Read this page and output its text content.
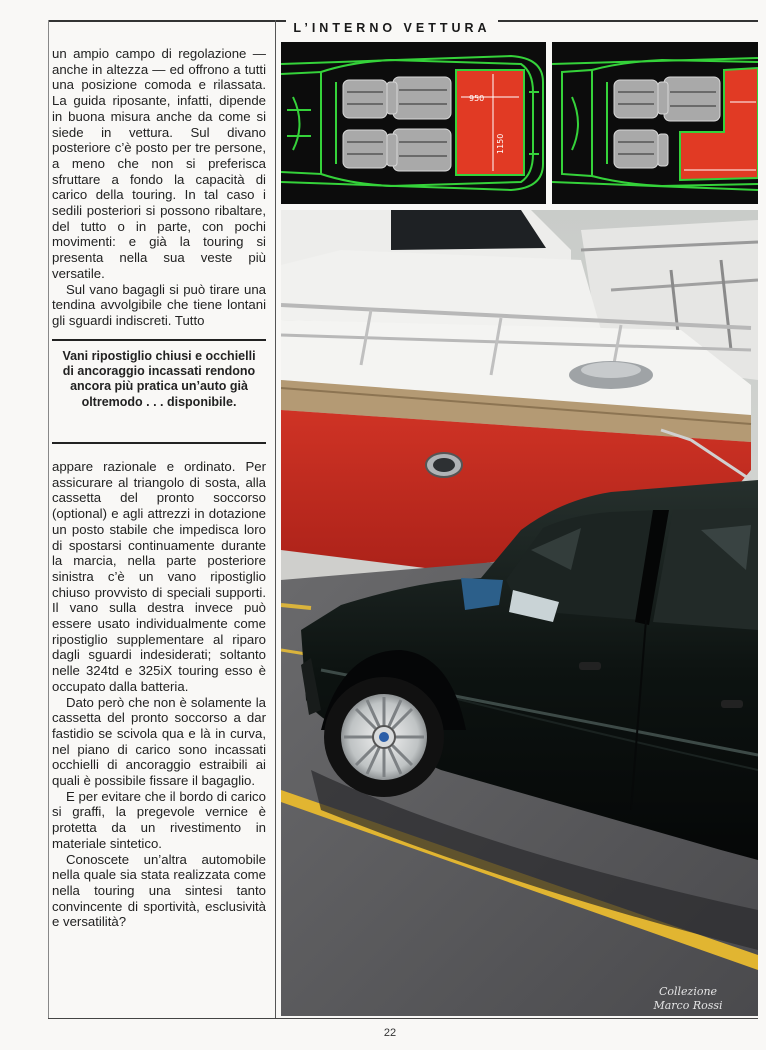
L’INTERNO VETTURA

un ampio campo di regolazione — anche in altezza — ed offrono a tutti una posizione comoda e rilassata. La guida riposante, infatti, dipende in buona misura anche da come si siede in vettura. Sul divano posteriore c’è posto per tre persone, a meno che non si preferisca sfruttare a fondo la capacità di carico della touring. In tal caso i sedili posteriori si possono ribaltare, del tutto o in parte, con pochi movimenti: e già la touring si presenta nella sua veste più versatile.

Sul vano bagagli si può tirare una tendina avvolgibile che tiene lontani gli sguardi indiscreti. Tutto

Vani ripostiglio chiusi e occhielli di ancoraggio incassati rendono ancora più pratica un’auto già oltremodo . . . disponibile.

appare razionale e ordinato. Per assicurare al triangolo di sosta, alla cassetta del pronto soccorso (optional) e agli attrezzi in dotazione un posto stabile che impedisca loro di spostarsi continuamente durante la marcia, nella parte posteriore sinistra c’è un vano ripostiglio chiuso provvisto di speciali supporti. Il vano sulla destra invece può essere usato individualmente come ripostiglio supplementare al riparo dagli sguardi indesiderati; soltanto nelle 324td e 325iX touring esso è occupato dalla batteria.

Dato però che non è solamente la cassetta del pronto soccorso a dar fastidio se scivola qua e là in curva, nel piano di carico sono incassati occhielli di ancoraggio estraibili ai quali è possibile fissare il bagaglio.

E per evitare che il bordo di carico si graffi, la pregevole vernice è protetta da un rivestimento in materiale sintetico.

Conoscete un’altra automobile nella quale sia stata realizzata come nella touring una sintesi tanto convincente di sportività, esclusività e versatilità?

950
1150
22
Collezione
Marco Rossi
